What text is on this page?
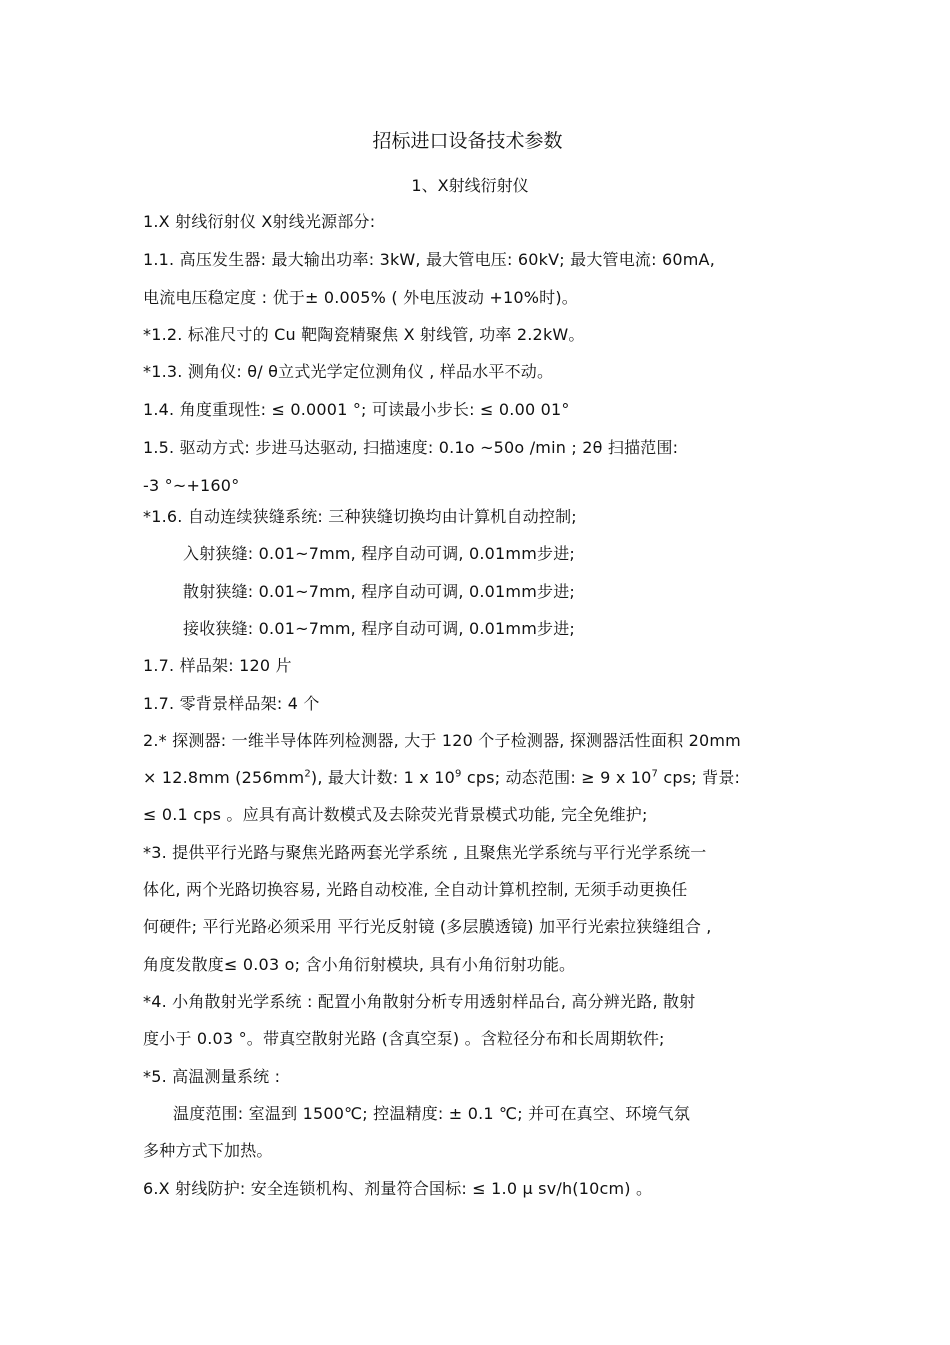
招标进口设备技术参数
1、X射线衍射仪
1.X 射线衍射仪 X射线光源部分:
1.1. 高压发生器: 最大输出功率: 3kW, 最大管电压: 60kV; 最大管电流: 60mA,
电流电压稳定度 : 优于± 0.005% ( 外电压波动 +10%时)。
*1.2. 标准尺寸的 Cu 靶陶瓷精聚焦 X 射线管, 功率 2.2kW。
*1.3. 测角仪: θ/ θ立式光学定位测角仪 , 样品水平不动。
1.4. 角度重现性: ≤ 0.0001 °; 可读最小步长: ≤ 0.00 01°
1.5. 驱动方式: 步进马达驱动, 扫描速度: 0.1o ~50o /min ; 2θ 扫描范围:
-3 °~+160°
*1.6. 自动连续狭缝系统: 三种狭缝切换均由计算机自动控制;
入射狭缝: 0.01~7mm, 程序自动可调, 0.01mm步进;
散射狭缝: 0.01~7mm, 程序自动可调, 0.01mm步进;
接收狭缝: 0.01~7mm, 程序自动可调, 0.01mm步进;
1.7. 样品架: 120 片
1.7. 零背景样品架: 4 个
2.* 探测器: 一维半导体阵列检测器, 大于 120 个子检测器, 探测器活性面积 20mm
× 12.8mm $(256mm^2)$, 最大计数: 1 x $10^9$ cps; 动态范围: ≥ 9 x $10^7$ cps; 背景:
≤ 0.1 cps 。应具有高计数模式及去除荧光背景模式功能, 完全免维护;
*3. 提供平行光路与聚焦光路两套光学系统 , 且聚焦光学系统与平行光学系统一
体化, 两个光路切换容易, 光路自动校准, 全自动计算机控制, 无须手动更换任
何硬件; 平行光路必须采用 平行光反射镜 (多层膜透镜) 加平行光索拉狭缝组合 ,
角度发散度≤ 0.03 o; 含小角衍射模块, 具有小角衍射功能。
*4. 小角散射光学系统 : 配置小角散射分析专用透射样品台, 高分辨光路, 散射
度小于 0.03 °。带真空散射光路 (含真空泵) 。含粒径分布和长周期软件;
*5. 高温测量系统 :
温度范围: 室温到 1500℃; 控温精度: ± 0.1 ℃; 并可在真空、环境气氛
多种方式下加热。
6.X 射线防护: 安全连锁机构、剂量符合国标: ≤ 1.0 μ sv/h(10cm) 。
